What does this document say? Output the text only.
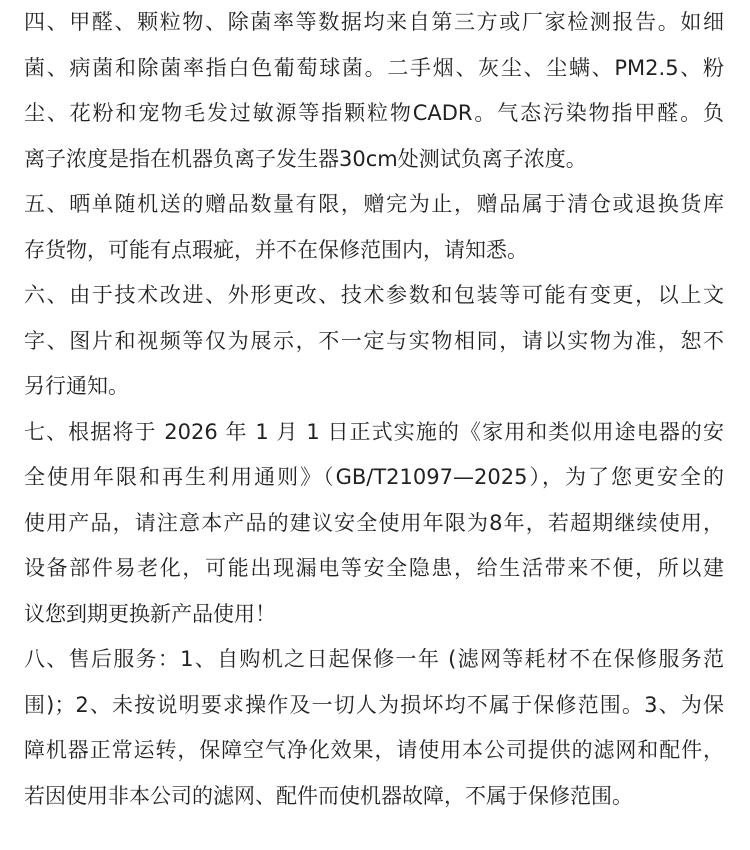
四、甲醛、颗粒物、除菌率等数据均来自第三方或厂家检测报告。如细
菌、病菌和除菌率指白色葡萄球菌。二手烟、灰尘、尘螨、PM2.5、粉
尘、花粉和宠物毛发过敏源等指颗粒物CADR。气态污染物指甲醛。负
离子浓度是指在机器负离子发生器30cm处测试负离子浓度。
五、晒单随机送的赠品数量有限，赠完为止，赠品属于清仓或退换货库
存货物，可能有点瑕疵，并不在保修范围内，请知悉。
六、由于技术改进、外形更改、技术参数和包装等可能有变更，以上文
字、图片和视频等仅为展示，不一定与实物相同，请以实物为准，恕不
另行通知。
七、根据将于 2026 年 1 月 1 日正式实施的《家用和类似用途电器的安
全使用年限和再生利用通则》（GB/T21097—2025），为了您更安全的
使用产品，请注意本产品的建议安全使用年限为8年，若超期继续使用，
设备部件易老化，可能出现漏电等安全隐患，给生活带来不便，所以建
议您到期更换新产品使用！
八、售后服务：1、自购机之日起保修一年 (滤网等耗材不在保修服务范
围)；2、未按说明要求操作及一切人为损坏均不属于保修范围。3、为保
障机器正常运转，保障空气净化效果，请使用本公司提供的滤网和配件，
若因使用非本公司的滤网、配件而使机器故障，不属于保修范围。
